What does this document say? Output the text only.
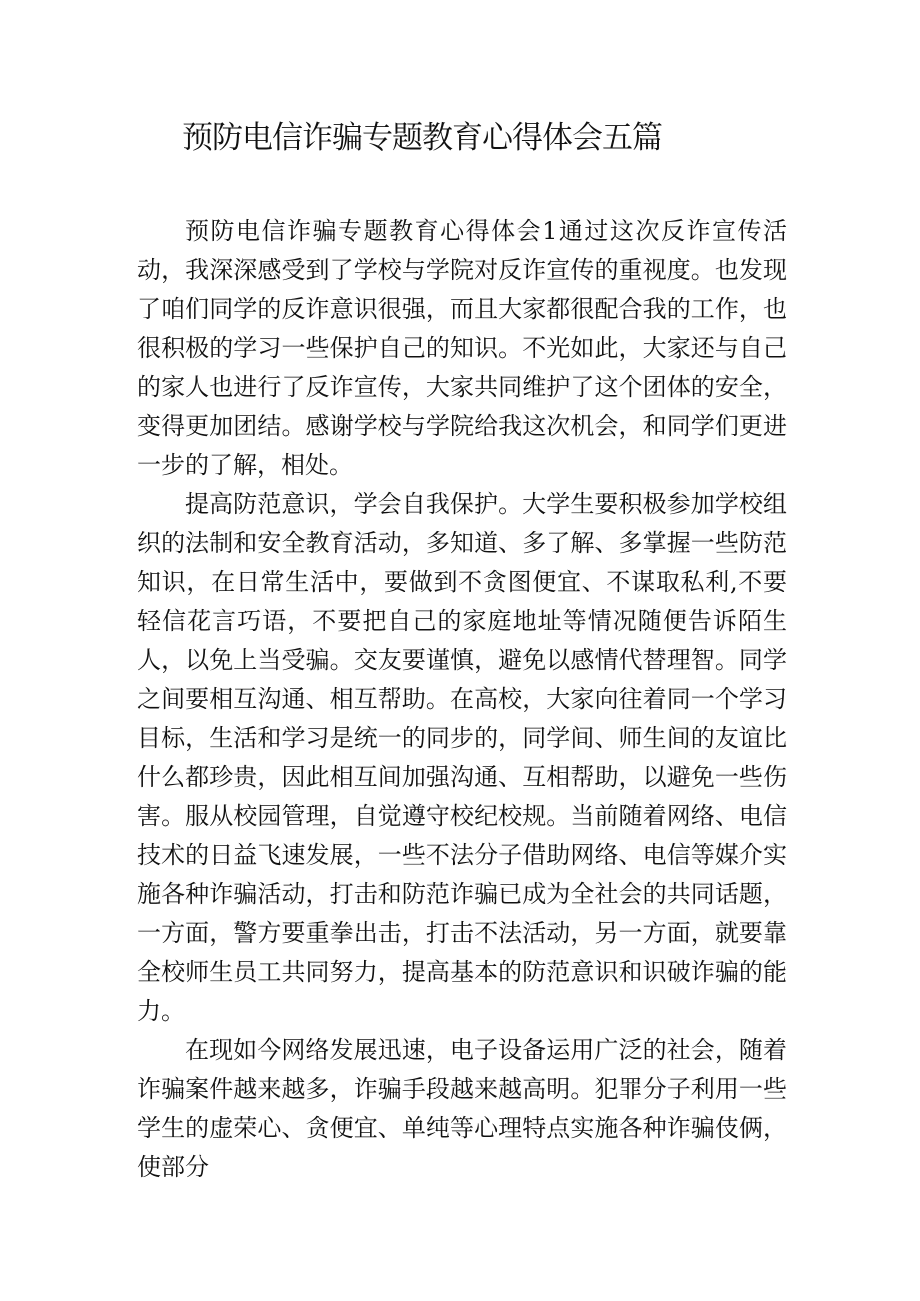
预防电信诈骗专题教育心得体会五篇

预防电信诈骗专题教育心得体会1通过这次反诈宣传活动，我深深感受到了学校与学院对反诈宣传的重视度。也发现了咱们同学的反诈意识很强，而且大家都很配合我的工作，也很积极的学习一些保护自己的知识。不光如此，大家还与自己的家人也进行了反诈宣传，大家共同维护了这个团体的安全，变得更加团结。感谢学校与学院给我这次机会，和同学们更进一步的了解，相处。

提高防范意识，学会自我保护。大学生要积极参加学校组织的法制和安全教育活动，多知道、多了解、多掌握一些防范知识，在日常生活中，要做到不贪图便宜、不谋取私利,不要轻信花言巧语，不要把自己的家庭地址等情况随便告诉陌生人，以免上当受骗。交友要谨慎，避免以感情代替理智。同学之间要相互沟通、相互帮助。在高校，大家向往着同一个学习目标，生活和学习是统一的同步的，同学间、师生间的友谊比什么都珍贵，因此相互间加强沟通、互相帮助，以避免一些伤害。服从校园管理，自觉遵守校纪校规。当前随着网络、电信技术的日益飞速发展，一些不法分子借助网络、电信等媒介实施各种诈骗活动，打击和防范诈骗已成为全社会的共同话题，一方面，警方要重拳出击，打击不法活动，另一方面，就要靠全校师生员工共同努力，提高基本的防范意识和识破诈骗的能力。

在现如今网络发展迅速，电子设备运用广泛的社会，随着诈骗案件越来越多，诈骗手段越来越高明。犯罪分子利用一些学生的虚荣心、贪便宜、单纯等心理特点实施各种诈骗伎俩，使部分
